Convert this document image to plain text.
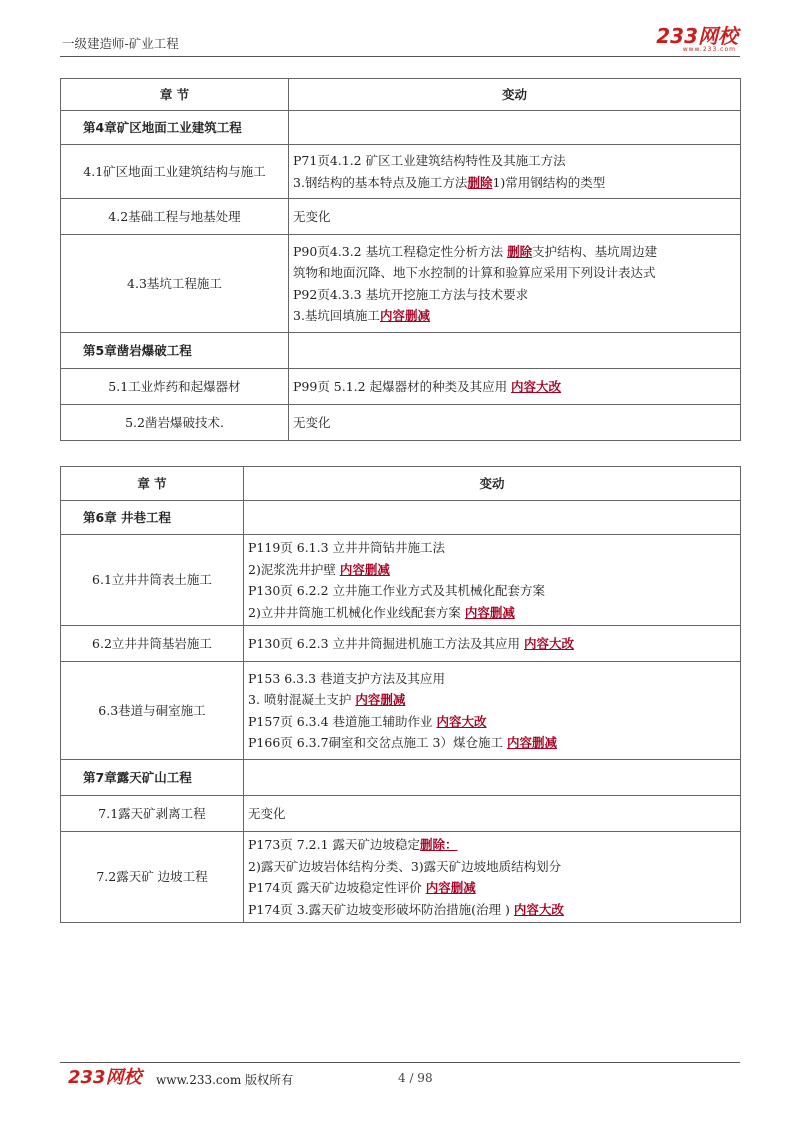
一级建造师-矿业工程	233网校
www.233.com
章 节	变动
第4章矿区地面工业建筑工程	
4.1矿区地面工业建筑结构与施工	P71页4.1.2 矿区工业建筑结构特性及其施工方法
3.钢结构的基本特点及施工方法删除1)常用钢结构的类型

4.2基础工程与地基处理	无变化

4.3基坑工程施工	P90页4.3.2 基坑工程稳定性分析方法 删除支护结构、基坑周边建
筑物和地面沉降、地下水控制的计算和验算应采用下列设计表达式
P92页4.3.3 基坑开挖施工方法与技术要求
3.基坑回填施工内容删减

第5章凿岩爆破工程	
5.1工业炸药和起爆器材	P99页 5.1.2 起爆器材的种类及其应用 内容大改

5.2凿岩爆破技术.	无变化
章 节	变动
第6章 井巷工程	
6.1立井井筒表土施工	P119页 6.1.3 立井井筒钻井施工法
2)泥浆洗井护壁 内容删减
P130页 6.2.2 立井施工作业方式及其机械化配套方案
2)立井井筒施工机械化作业线配套方案 内容删减

6.2立井井筒基岩施工	P130页 6.2.3 立井井筒掘进机施工方法及其应用 内容大改

6.3巷道与硐室施工	P153 6.3.3 巷道支护方法及其应用
3. 喷射混凝土支护 内容删减
P157页 6.3.4 巷道施工辅助作业 内容大改
P166页 6.3.7硐室和交岔点施工 3）煤仓施工 内容删减

第7章露天矿山工程	
7.1露天矿剥离工程	无变化

7.2露天矿 边坡工程	P173页 7.2.1 露天矿边坡稳定删除：
2)露天矿边坡岩体结构分类、3)露天矿边坡地质结构划分
P174页 露天矿边坡稳定性评价 内容删减
P174页 3.露天矿边坡变形破坏防治措施(治理 ) 内容大改
233网校 www.233.com 版权所有	4 / 98
